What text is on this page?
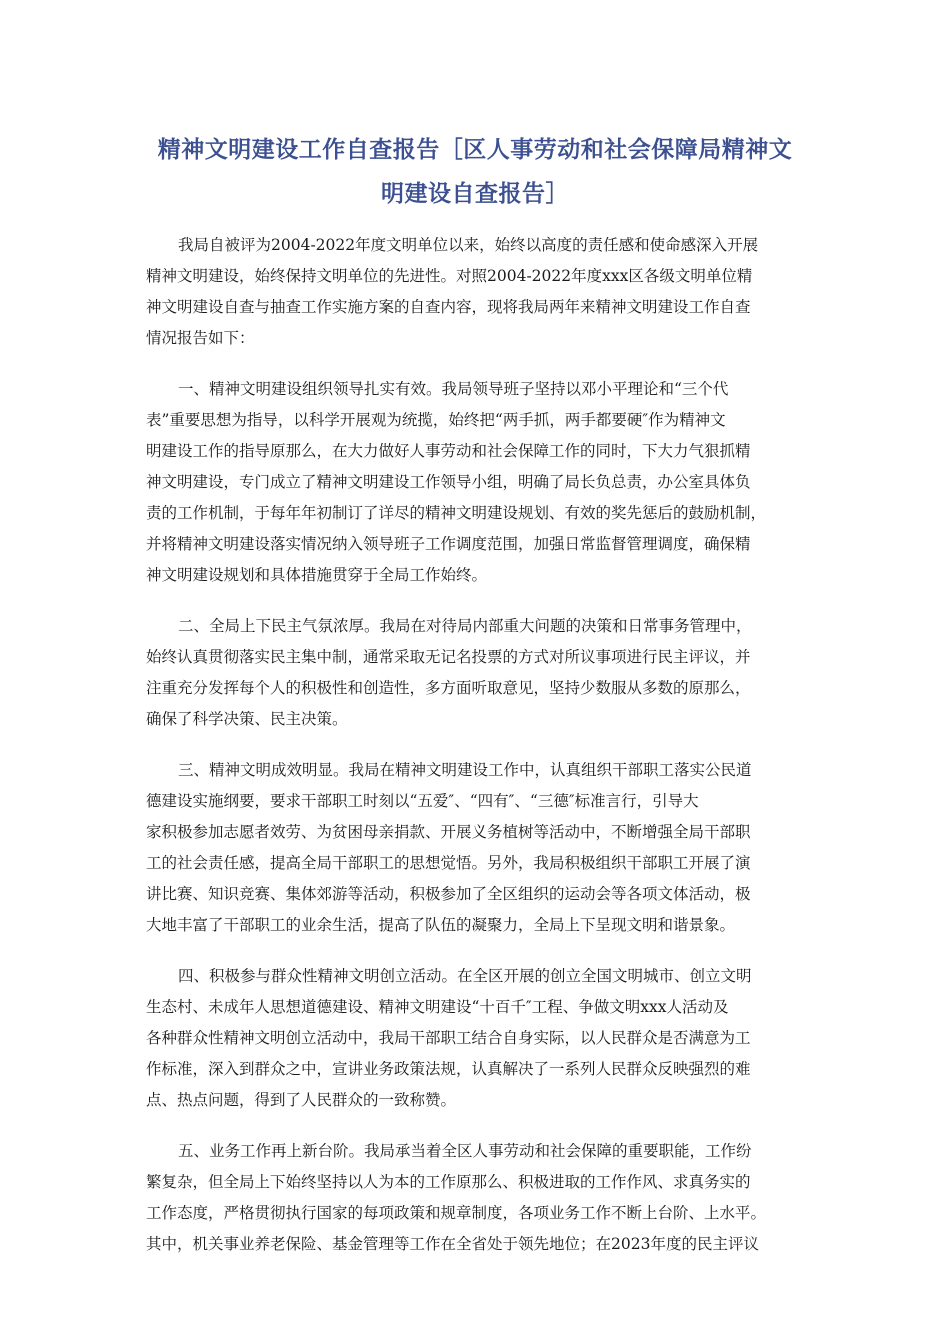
精神文明建设工作自查报告［区人事劳动和社会保障局精神文
明建设自查报告］

我局自被评为2004-2022年度文明单位以来，始终以高度的责任感和使命感深入开展
精神文明建设，始终保持文明单位的先进性。对照2004-2022年度xxx区各级文明单位精
神文明建设自查与抽查工作实施方案的自查内容，现将我局两年来精神文明建设工作自查
情况报告如下：

一、精神文明建设组织领导扎实有效。我局领导班子坚持以邓小平理论和“三个代
表”重要思想为指导，以科学开展观为统揽，始终把“两手抓，两手都要硬″作为精神文
明建设工作的指导原那么，在大力做好人事劳动和社会保障工作的同时，下大力气狠抓精
神文明建设，专门成立了精神文明建设工作领导小组，明确了局长负总责，办公室具体负
责的工作机制，于每年年初制订了详尽的精神文明建设规划、有效的奖先惩后的鼓励机制，
并将精神文明建设落实情况纳入领导班子工作调度范围，加强日常监督管理调度，确保精
神文明建设规划和具体措施贯穿于全局工作始终。

二、全局上下民主气氛浓厚。我局在对待局内部重大问题的决策和日常事务管理中，
始终认真贯彻落实民主集中制，通常采取无记名投票的方式对所议事项进行民主评议，并
注重充分发挥每个人的积极性和创造性，多方面听取意见，坚持少数服从多数的原那么，
确保了科学决策、民主决策。

三、精神文明成效明显。我局在精神文明建设工作中，认真组织干部职工落实公民道
德建设实施纲要，要求干部职工时刻以“五爱″、“四有″、“三德″标准言行，引导大
家积极参加志愿者效劳、为贫困母亲捐款、开展义务植树等活动中，不断增强全局干部职
工的社会责任感，提高全局干部职工的思想觉悟。另外，我局积极组织干部职工开展了演
讲比赛、知识竞赛、集体郊游等活动，积极参加了全区组织的运动会等各项文体活动，极
大地丰富了干部职工的业余生活，提高了队伍的凝聚力，全局上下呈现文明和谐景象。

四、积极参与群众性精神文明创立活动。在全区开展的创立全国文明城市、创立文明
生态村、未成年人思想道德建设、精神文明建设“十百千″工程、争做文明xxx人活动及
各种群众性精神文明创立活动中，我局干部职工结合自身实际，以人民群众是否满意为工
作标准，深入到群众之中，宣讲业务政策法规，认真解决了一系列人民群众反映强烈的难
点、热点问题，得到了人民群众的一致称赞。

五、业务工作再上新台阶。我局承当着全区人事劳动和社会保障的重要职能，工作纷
繁复杂，但全局上下始终坚持以人为本的工作原那么、积极进取的工作作风、求真务实的
工作态度，严格贯彻执行国家的每项政策和规章制度，各项业务工作不断上台阶、上水平。
其中，机关事业养老保险、基金管理等工作在全省处于领先地位；在2023年度的民主评议
